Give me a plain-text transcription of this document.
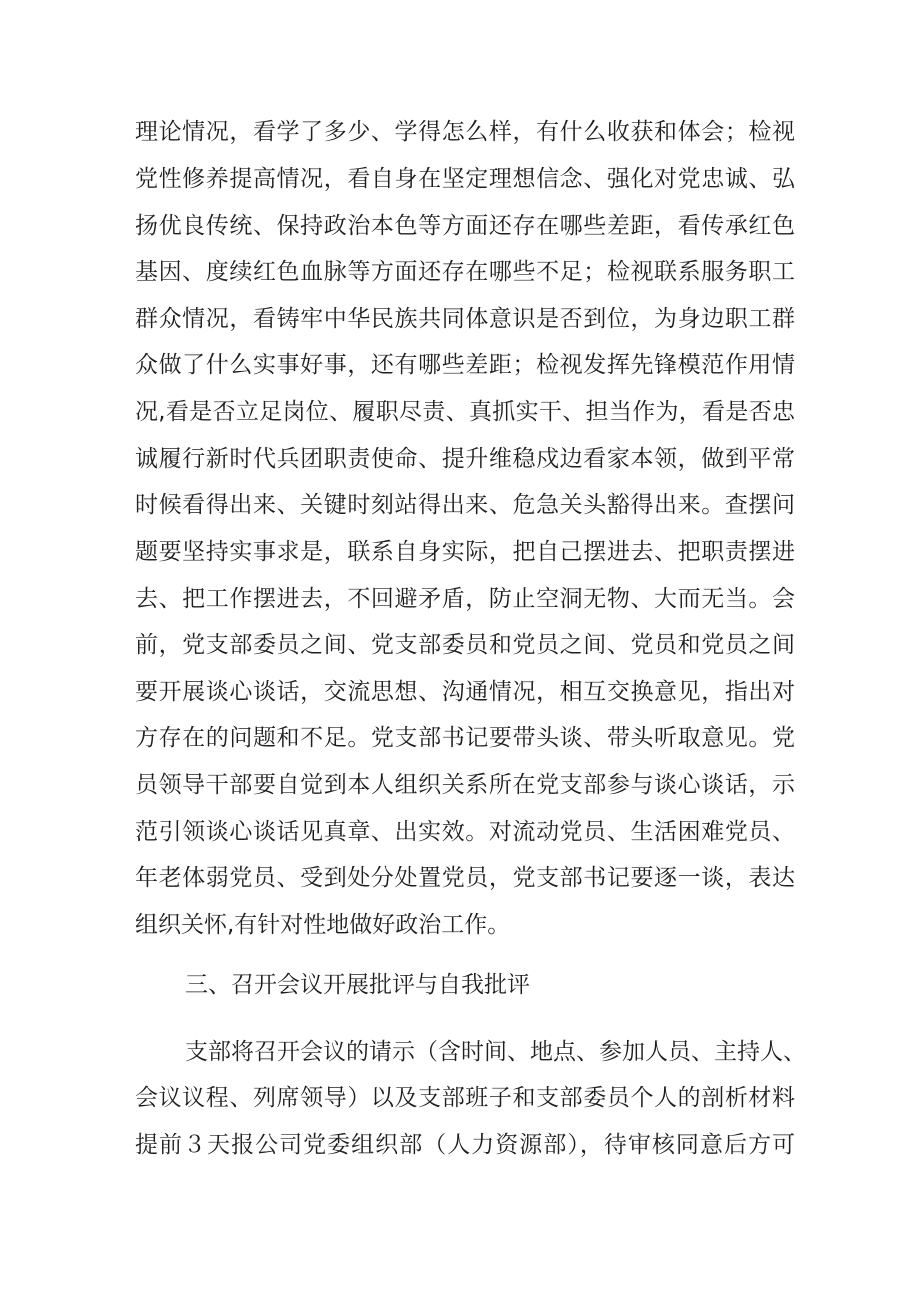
理论情况，看学了多少、学得怎么样，有什么收获和体会；检视
党性修养提高情况，看自身在坚定理想信念、强化对党忠诚、弘
扬优良传统、保持政治本色等方面还存在哪些差距，看传承红色
基因、度续红色血脉等方面还存在哪些不足；检视联系服务职工
群众情况，看铸牢中华民族共同体意识是否到位，为身边职工群
众做了什么实事好事，还有哪些差距；检视发挥先锋模范作用情
况,看是否立足岗位、履职尽责、真抓实干、担当作为，看是否忠
诚履行新时代兵团职责使命、提升维稳戍边看家本领，做到平常
时候看得出来、关键时刻站得出来、危急关头豁得出来。查摆问
题要坚持实事求是，联系自身实际，把自己摆进去、把职责摆进
去、把工作摆进去，不回避矛盾，防止空洞无物、大而无当。会
前，党支部委员之间、党支部委员和党员之间、党员和党员之间
要开展谈心谈话，交流思想、沟通情况，相互交换意见，指出对
方存在的问题和不足。党支部书记要带头谈、带头听取意见。党
员领导干部要自觉到本人组织关系所在党支部参与谈心谈话，示
范引领谈心谈话见真章、出实效。对流动党员、生活困难党员、
年老体弱党员、受到处分处置党员，党支部书记要逐一谈，表达
组织关怀,有针对性地做好政治工作。
三、召开会议开展批评与自我批评
支部将召开会议的请示（含时间、地点、参加人员、主持人、
会议议程、列席领导）以及支部班子和支部委员个人的剖析材料
提前３天报公司党委组织部（人力资源部），待审核同意后方可
